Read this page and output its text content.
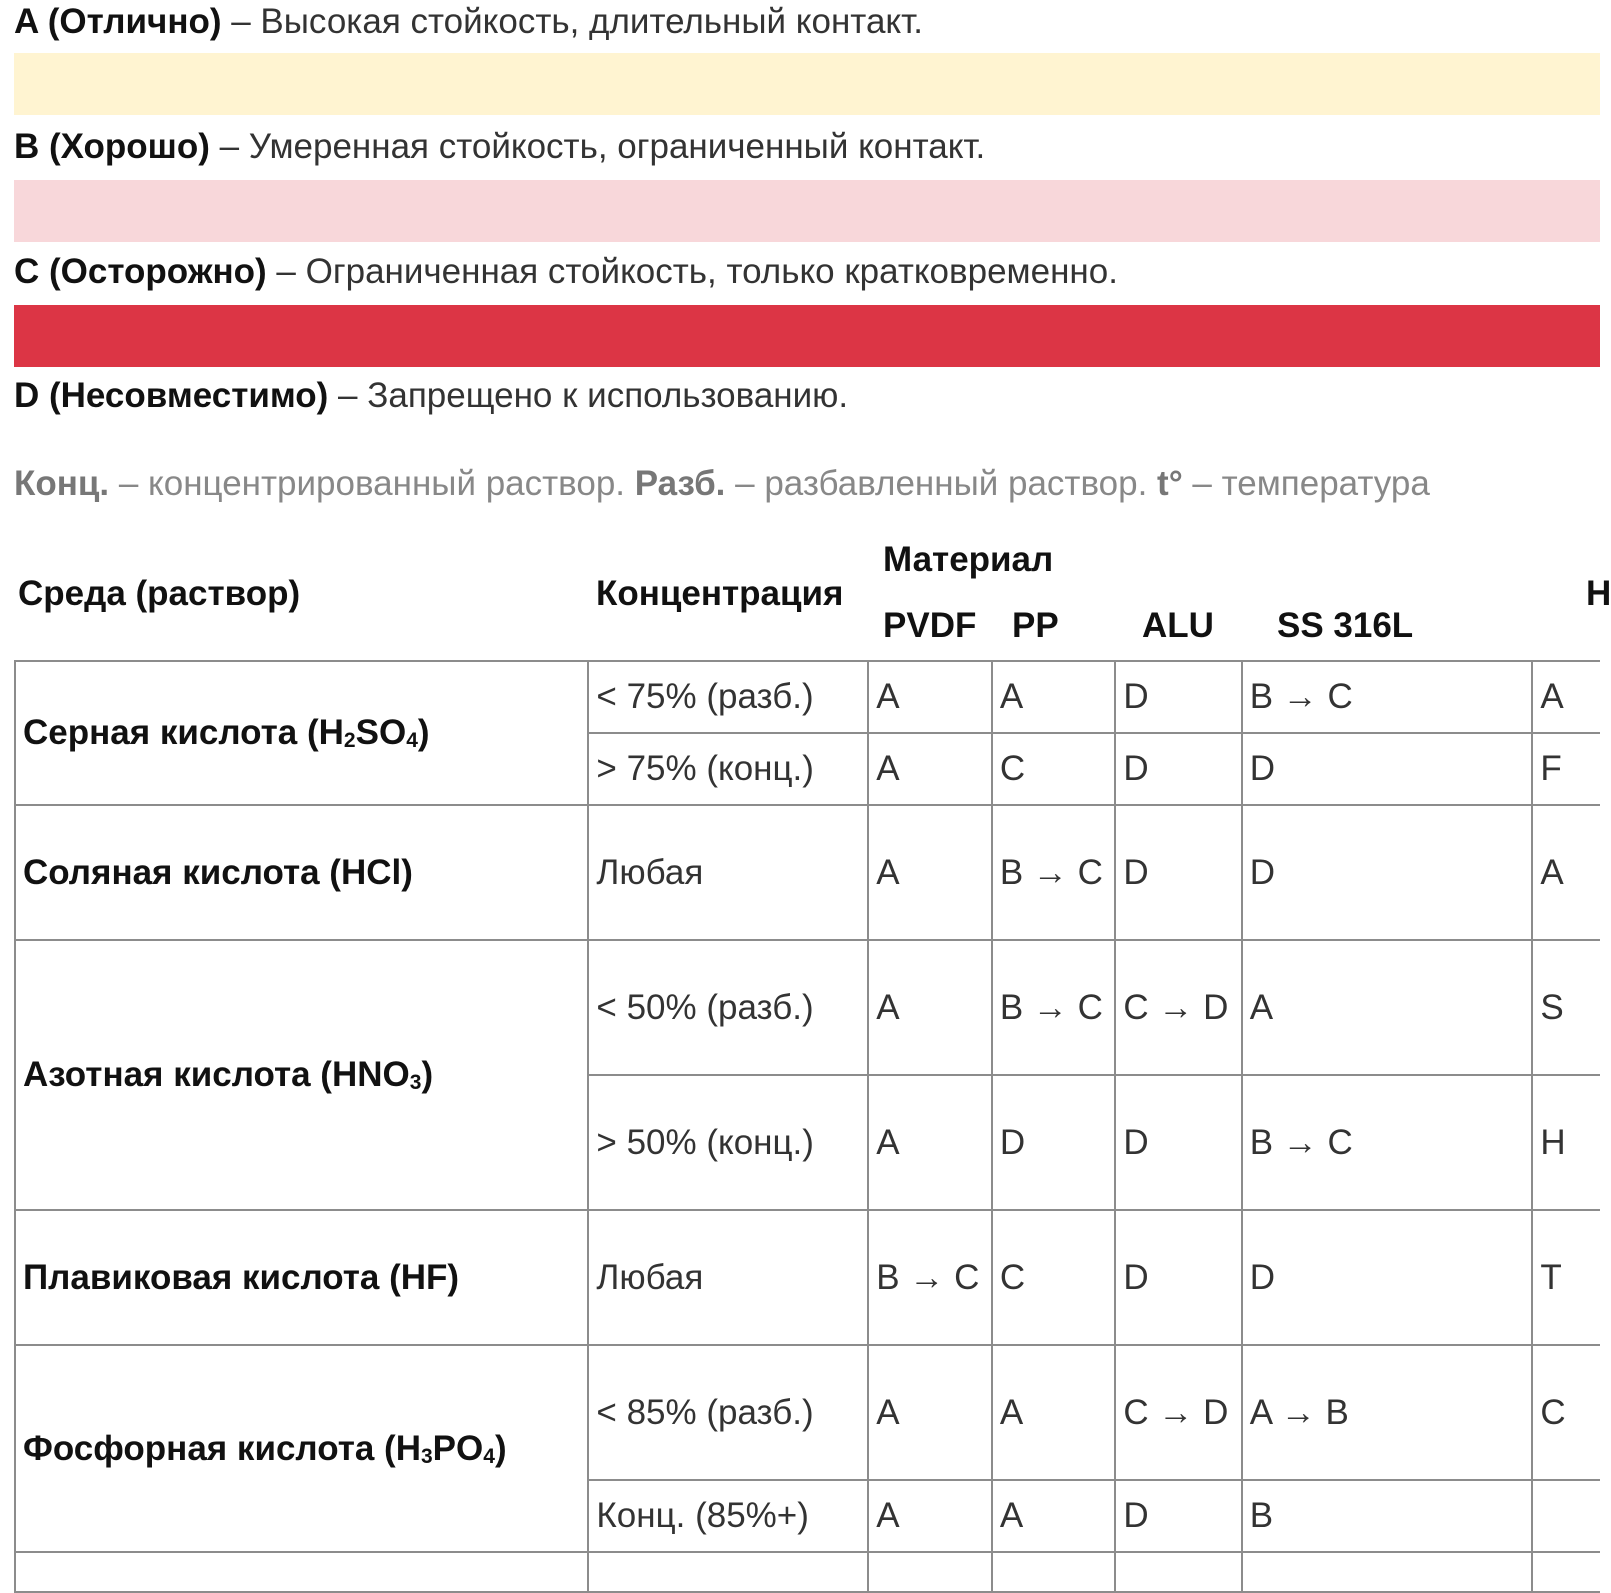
A (Отлично) – Высокая стойкость, длительный контакт.
B (Хорошо) – Умеренная стойкость, ограниченный контакт.
C (Осторожно) – Ограниченная стойкость, только кратковременно.
D (Несовместимо) – Запрещено к использованию.
Конц. – концентрированный раствор. Разб. – разбавленный раствор. t° – температура
Среда (раствор)	Концентрация
Материал
PVDF PP ALU SS 316L
Н
Серная кислота $(H_2SO_4)$	< 75% (разб.)	A	A	D	B → C	A
	> 75% (конц.)	A	C	D	D	F
Соляная кислота (HCl)	Любая	A	B → C	D	D	A
Азотная кислота $(HNO_3)$	< 50% (разб.)	A	B → C	C → D	A	S
	> 50% (конц.)	A	D	D	B → C	Н
Плавиковая кислота (HF)	Любая	B → C	C	D	D	T
Фосфорная кислота $(H_3PO_4)$	< 85% (разб.)	A	A	C → D	A → B	C
	Конц. (85%+)	A	A	D	B	
